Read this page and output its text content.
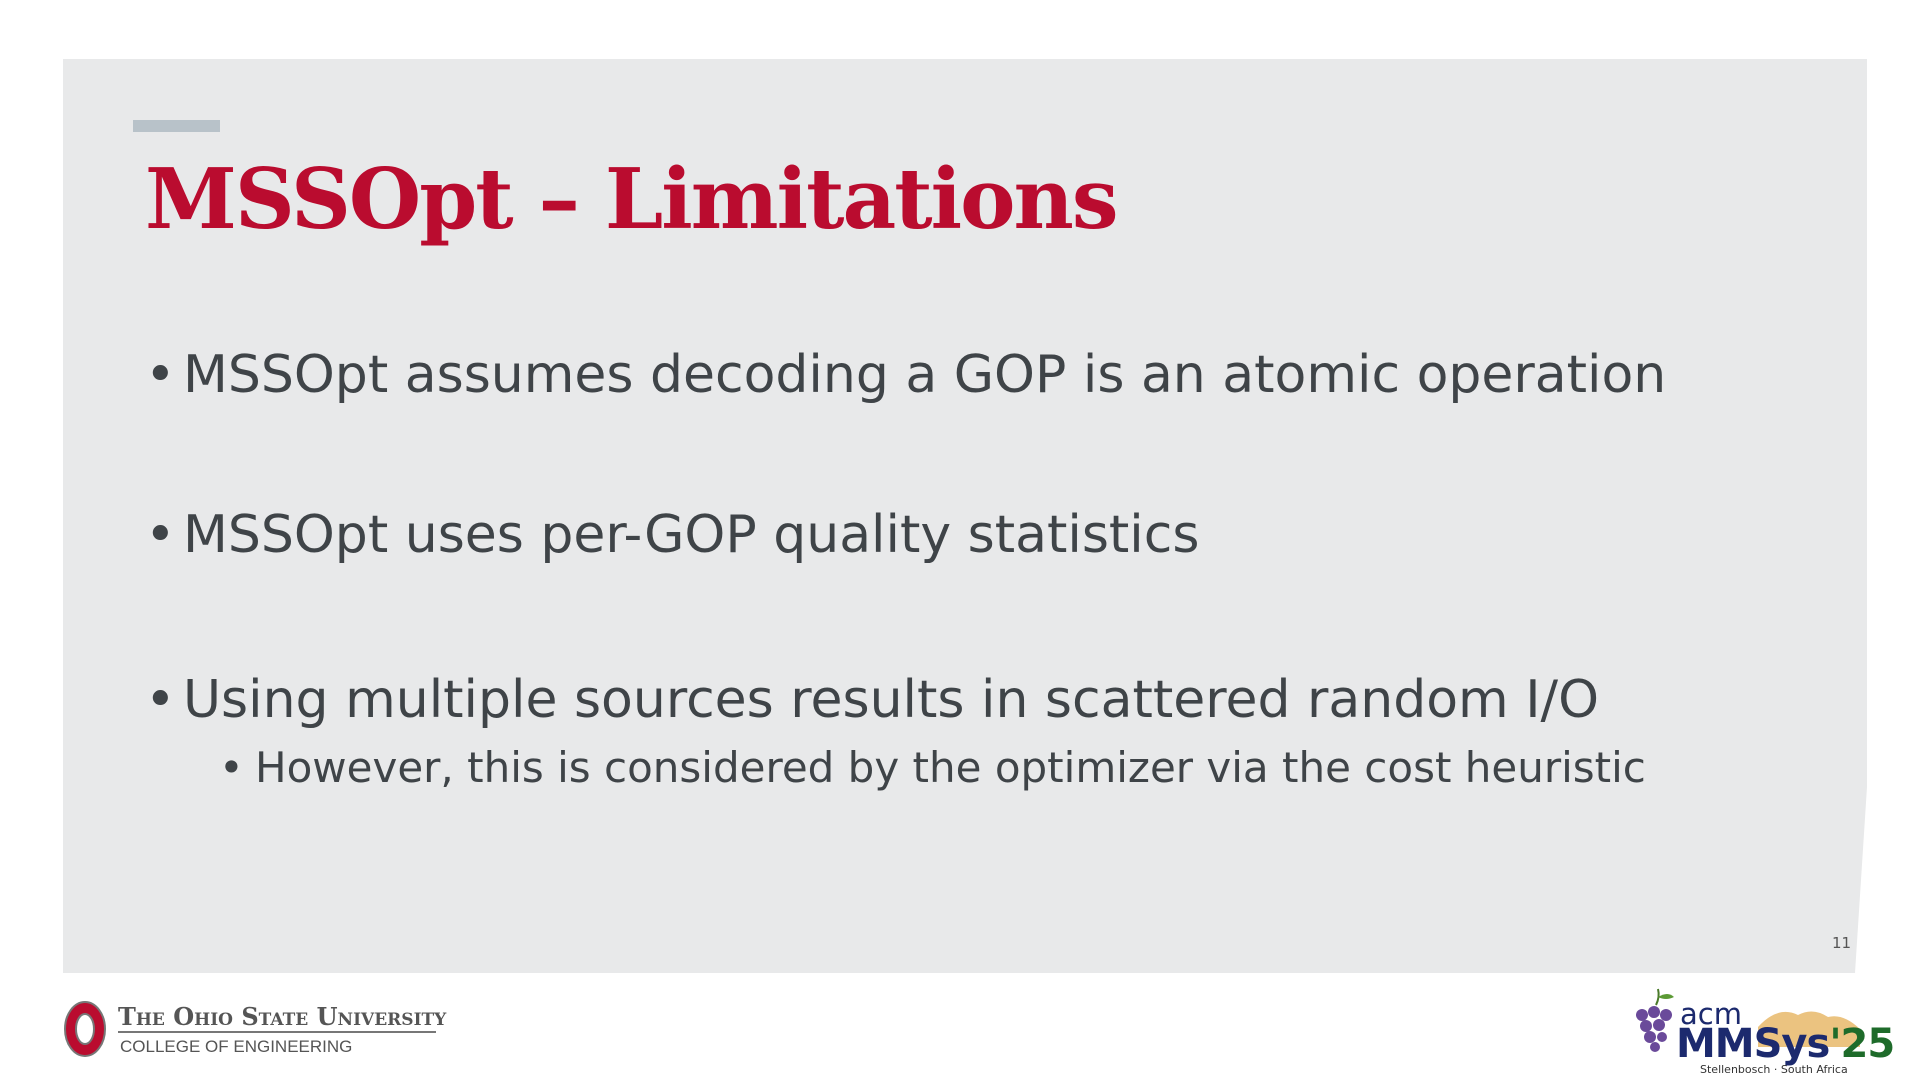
MSSOpt – Limitations
• MSSOpt assumes decoding a GOP is an atomic operation
• MSSOpt uses per-GOP quality statistics
• Using multiple sources results in scattered random I/O
• However, this is considered by the optimizer via the cost heuristic
11
The Ohio State University
COLLEGE OF ENGINEERING
acm
MMSys'25
Stellenbosch · South Africa
